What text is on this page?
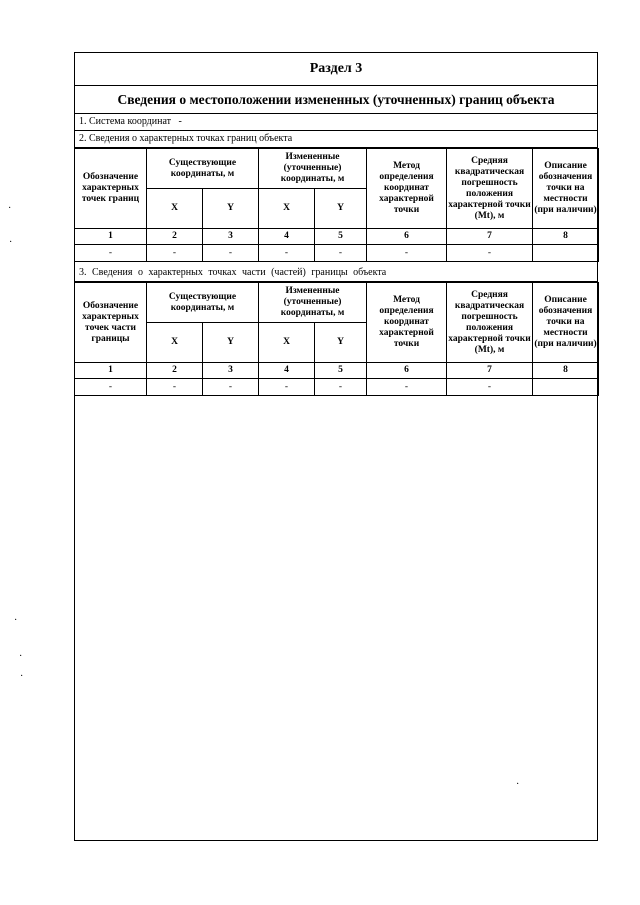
Раздел 3
Сведения о местоположении измененных (уточненных) границ объекта
1. Система координат -
2. Сведения о характерных точках границ объекта
Обозначение характерных точек границ	Существующие координаты, м		Измененные (уточненные) координаты, м		Метод определения координат характерной точки	Средняя квадратическая погрешность положения характерной точки (Mt), м	Описание обозначения точки на местности (при наличии)
	X	Y	X	Y			
1	2	3	4	5	6	7	8
-	-	-	-	-	-	-	
3. Сведения о характерных точках части (частей) границы объекта
Обозначение характерных точек части границы	Существующие координаты, м		Измененные (уточненные) координаты, м		Метод определения координат характерной точки	Средняя квадратическая погрешность положения характерной точки (Mt), м	Описание обозначения точки на местности (при наличии)
	X	Y	X	Y			
1	2	3	4	5	6	7	8
-	-	-	-	-	-	-	
·
·
·
·
·
·
